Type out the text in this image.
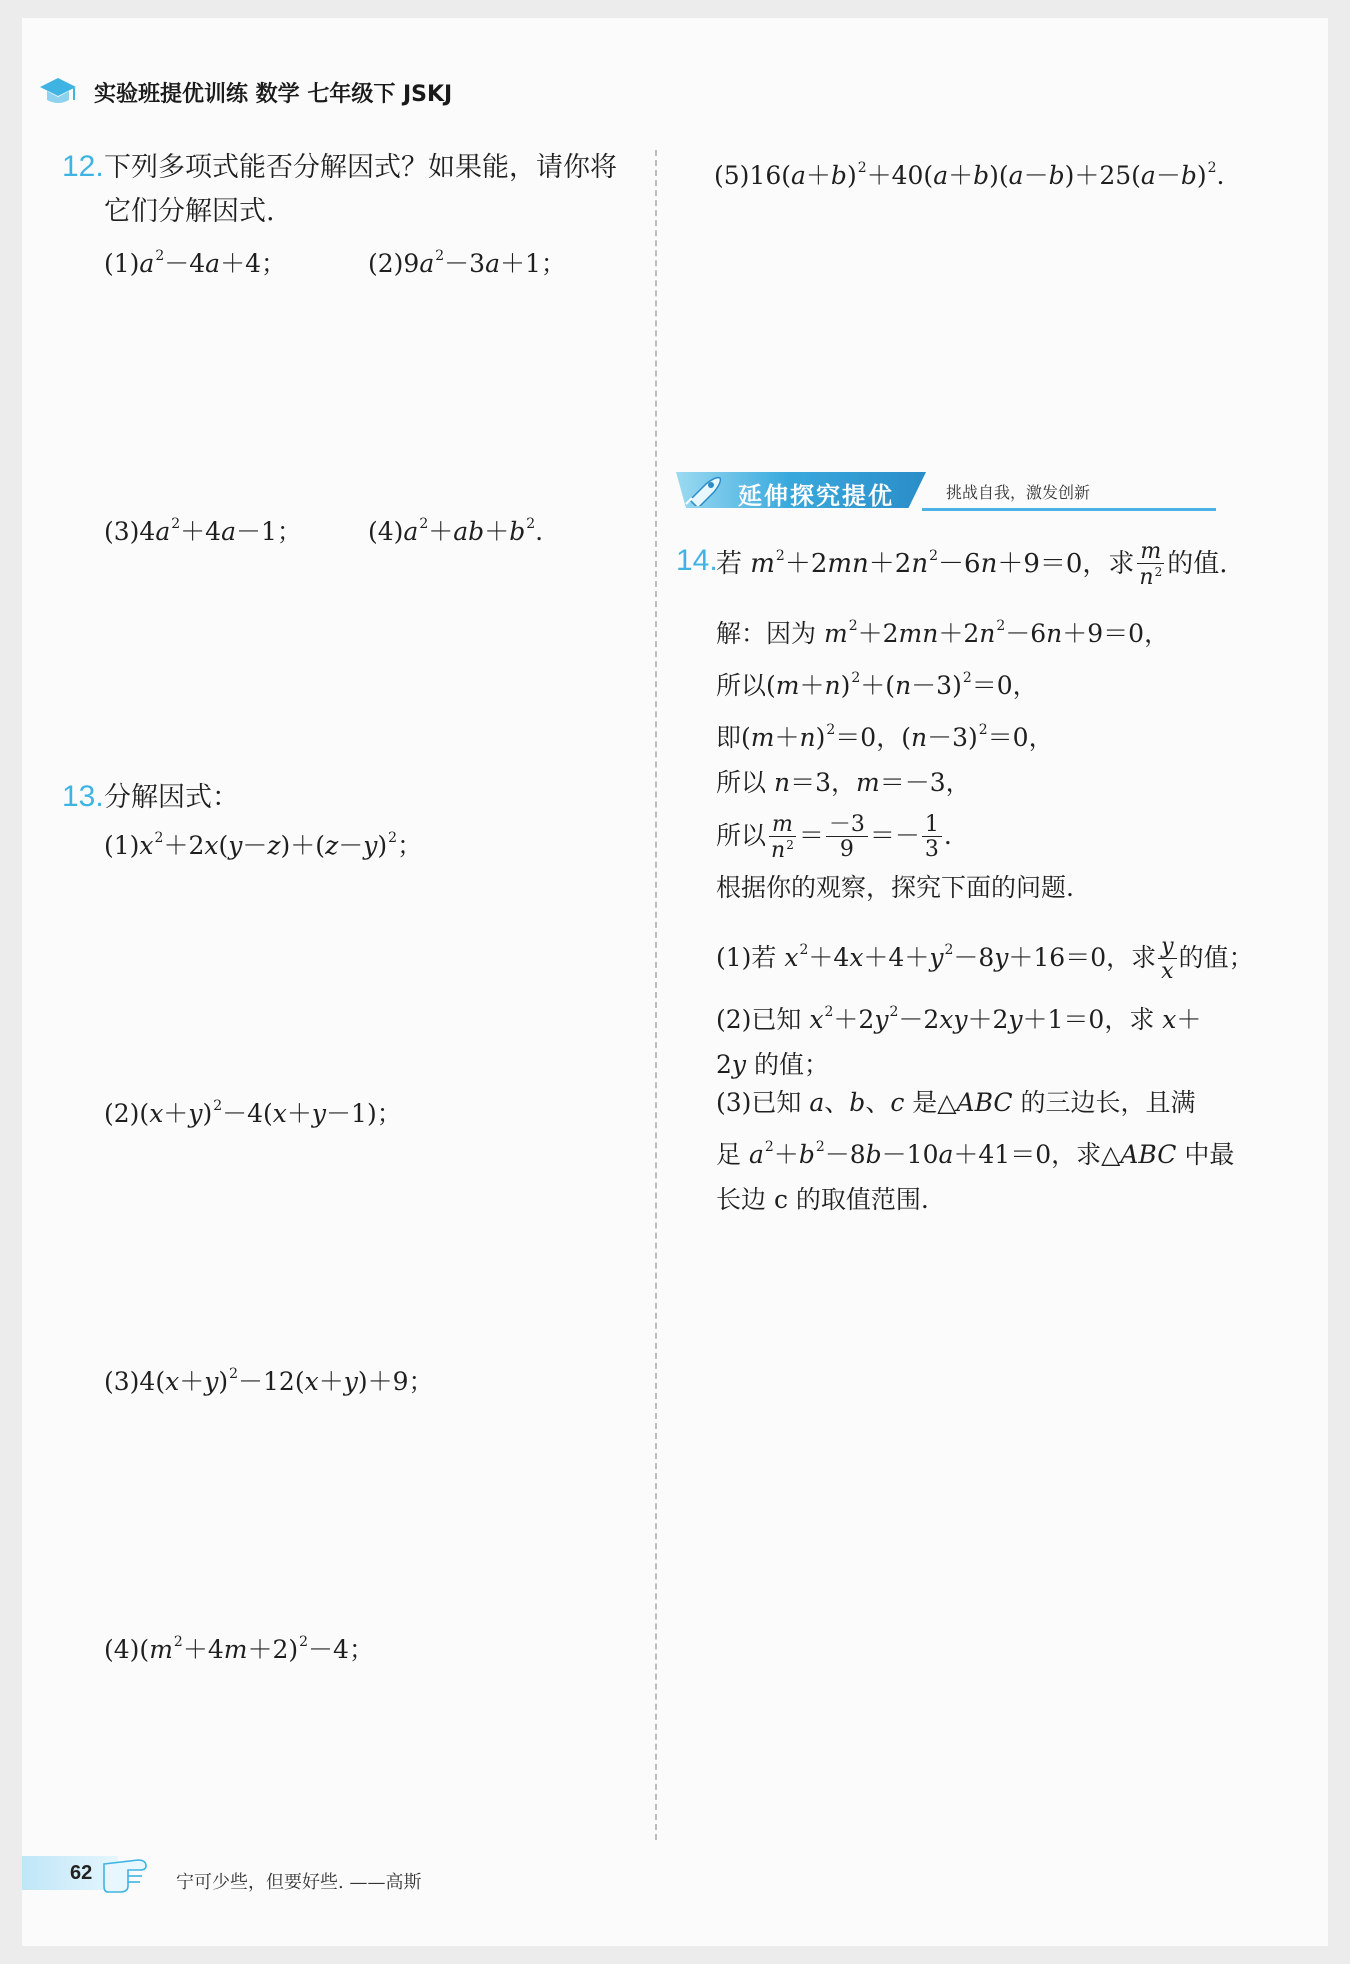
实验班提优训练 数学 七年级下 JSKJ
12. 下列多项式能否分解因式？如果能，请你将
它们分解因式.
$(1)a^2-4a+4$；	$(2)9a^2-3a+1$；
$(3)4a^2+4a-1$；	$(4)a^2+ab+b^2$.
$(5)16(a+b)^2+40(a+b)(a-b)+25(a-b)^2$.
13. 分解因式：
$(1)x^2+2x(y-z)+(z-y)^2$；
$(2)(x+y)^2-4(x+y-1)$；
$(3)4(x+y)^2-12(x+y)+9$；
$(4)(m^2+4m+2)^2-4$；
延伸探究提优	挑战自我，激发创新
14.
若 $m^2+2mn+2n^2-6n+9=0$，求 $\frac{m}{n^2}$ 的值.
解：因为 $m^2+2mn+2n^2-6n+9=0$，
所以$(m+n)^2+(n-3)^2=0$，
即$(m+n)^2=0$，$(n-3)^2=0$，
所以 n＝3，m＝－3，
所以 $\frac{m}{n^2} = \frac{-3}{9} =- \frac{1}{3}$ .
根据你的观察，探究下面的问题.
(1)若 $x^2+4x+4+y^2-8y+16=0$，求 $\frac{y}{x}$ 的值；
(2)已知 $x^2+2y^2-2xy+2y+1=0$，求 x＋
2y 的值；
(3)已知 a、b、c 是△ABC 的三边长，且满
足 $a^2+b^2-8b-10a+41=0$，求△ABC 中最
长边 c 的取值范围.
62	宁可少些，但要好些. ——高斯
